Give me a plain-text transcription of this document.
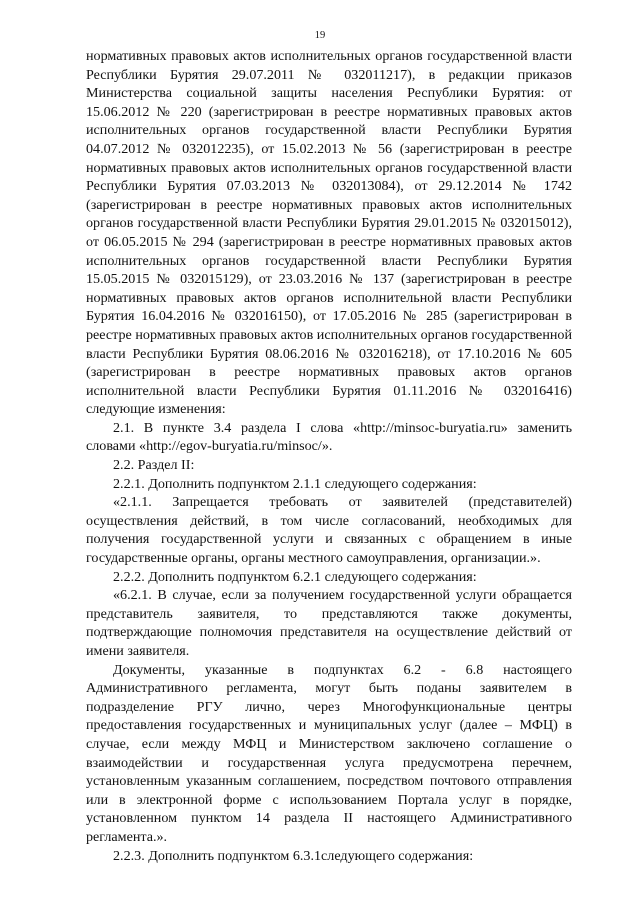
19

нормативных правовых актов исполнительных органов государственной власти Республики Бурятия 29.07.2011 № 032011217), в редакции приказов Министерства социальной защиты населения Республики Бурятия: от 15.06.2012 № 220 (зарегистрирован в реестре нормативных правовых актов исполнительных органов государственной власти Республики Бурятия 04.07.2012 № 032012235), от 15.02.2013 № 56 (зарегистрирован в реестре нормативных правовых актов исполнительных органов государственной власти Республики Бурятия 07.03.2013 № 032013084), от 29.12.2014 № 1742 (зарегистрирован в реестре нормативных правовых актов исполнительных органов государственной власти Республики Бурятия 29.01.2015 № 032015012), от 06.05.2015 № 294 (зарегистрирован в реестре нормативных правовых актов исполнительных органов государственной власти Республики Бурятия 15.05.2015 № 032015129), от 23.03.2016 № 137 (зарегистрирован в реестре нормативных правовых актов органов исполнительной власти Республики Бурятия 16.04.2016 № 032016150), от 17.05.2016 № 285 (зарегистрирован в реестре нормативных правовых актов исполнительных органов государственной власти Республики Бурятия 08.06.2016 № 032016218), от 17.10.2016 № 605 (зарегистрирован в реестре нормативных правовых актов органов исполнительной власти Республики Бурятия 01.11.2016 № 032016416) следующие изменения:

2.1. В пункте 3.4 раздела I слова «http://minsoc-buryatia.ru» заменить словами «http://egov-buryatia.ru/minsoc/».

2.2. Раздел II:

2.2.1. Дополнить подпунктом 2.1.1 следующего содержания:

«2.1.1. Запрещается требовать от заявителей (представителей) осуществления действий, в том числе согласований, необходимых для получения государственной услуги и связанных с обращением в иные государственные органы, органы местного самоуправления, организации.».

2.2.2. Дополнить подпунктом 6.2.1 следующего содержания:

«6.2.1. В случае, если за получением государственной услуги обращается представитель заявителя, то представляются также документы, подтверждающие полномочия представителя на осуществление действий от имени заявителя.

Документы, указанные в подпунктах 6.2 - 6.8 настоящего Административного регламента, могут быть поданы заявителем в подразделение РГУ лично, через Многофункциональные центры предоставления государственных и муниципальных услуг (далее – МФЦ) в случае, если между МФЦ и Министерством заключено соглашение о взаимодействии и государственная услуга предусмотрена перечнем, установленным указанным соглашением, посредством почтового отправления или в электронной форме с использованием Портала услуг в порядке, установленном пунктом 14 раздела II настоящего Административного регламента.».

2.2.3. Дополнить подпунктом 6.3.1следующего содержания:
